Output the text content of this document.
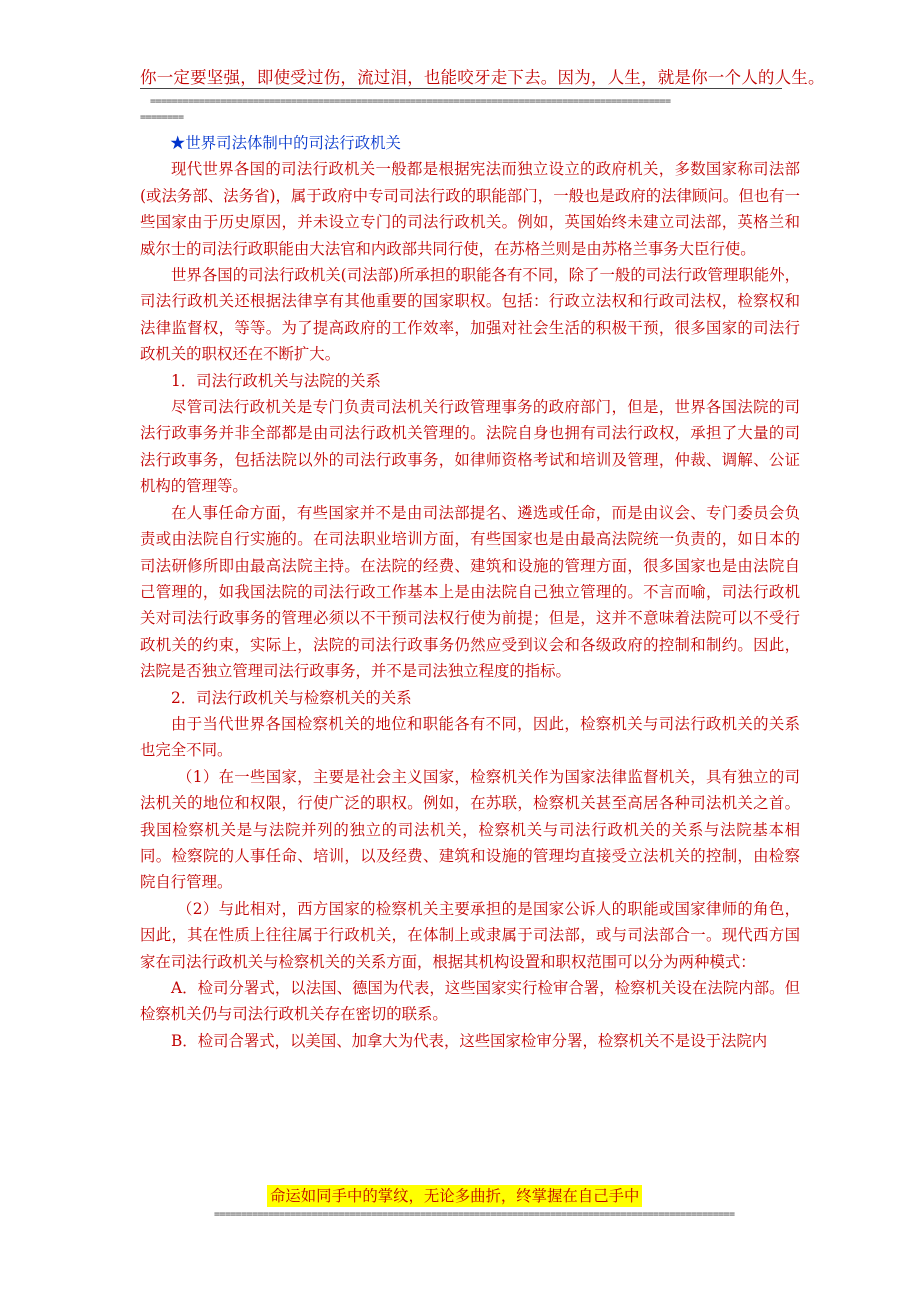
你一定要坚强，即使受过伤，流过泪，也能咬牙走下去。因为，人生，就是你一个人的人生。
================================================================================================
========

★世界司法体制中的司法行政机关

现代世界各国的司法行政机关一般都是根据宪法而独立设立的政府机关，多数国家称司法部(或法务部、法务省)，属于政府中专司司法行政的职能部门，一般也是政府的法律顾问。但也有一些国家由于历史原因，并未设立专门的司法行政机关。例如，英国始终未建立司法部，英格兰和威尔士的司法行政职能由大法官和内政部共同行使，在苏格兰则是由苏格兰事务大臣行使。

世界各国的司法行政机关(司法部)所承担的职能各有不同，除了一般的司法行政管理职能外，司法行政机关还根据法律享有其他重要的国家职权。包括：行政立法权和行政司法权，检察权和法律监督权，等等。为了提高政府的工作效率，加强对社会生活的积极干预，很多国家的司法行政机关的职权还在不断扩大。

1．司法行政机关与法院的关系

尽管司法行政机关是专门负责司法机关行政管理事务的政府部门，但是，世界各国法院的司法行政事务并非全部都是由司法行政机关管理的。法院自身也拥有司法行政权，承担了大量的司法行政事务，包括法院以外的司法行政事务，如律师资格考试和培训及管理，仲裁、调解、公证机构的管理等。

在人事任命方面，有些国家并不是由司法部提名、遴选或任命，而是由议会、专门委员会负责或由法院自行实施的。在司法职业培训方面，有些国家也是由最高法院统一负责的，如日本的司法研修所即由最高法院主持。在法院的经费、建筑和设施的管理方面，很多国家也是由法院自己管理的，如我国法院的司法行政工作基本上是由法院自己独立管理的。不言而喻，司法行政机关对司法行政事务的管理必须以不干预司法权行使为前提；但是，这并不意味着法院可以不受行政机关的约束，实际上，法院的司法行政事务仍然应受到议会和各级政府的控制和制约。因此，法院是否独立管理司法行政事务，并不是司法独立程度的指标。

2．司法行政机关与检察机关的关系

由于当代世界各国检察机关的地位和职能各有不同，因此，检察机关与司法行政机关的关系也完全不同。

（1）在一些国家，主要是社会主义国家，检察机关作为国家法律监督机关，具有独立的司法机关的地位和权限，行使广泛的职权。例如，在苏联，检察机关甚至高居各种司法机关之首。我国检察机关是与法院并列的独立的司法机关，检察机关与司法行政机关的关系与法院基本相同。检察院的人事任命、培训，以及经费、建筑和设施的管理均直接受立法机关的控制，由检察院自行管理。

（2）与此相对，西方国家的检察机关主要承担的是国家公诉人的职能或国家律师的角色，因此，其在性质上往往属于行政机关，在体制上或隶属于司法部，或与司法部合一。现代西方国家在司法行政机关与检察机关的关系方面，根据其机构设置和职权范围可以分为两种模式：

A．检司分署式，以法国、德国为代表，这些国家实行检审合署，检察机关设在法院内部。但检察机关仍与司法行政机关存在密切的联系。

B．检司合署式，以美国、加拿大为代表，这些国家检审分署，检察机关不是设于法院内

命运如同手中的掌纹，无论多曲折，终掌握在自己手中
================================================================================================
